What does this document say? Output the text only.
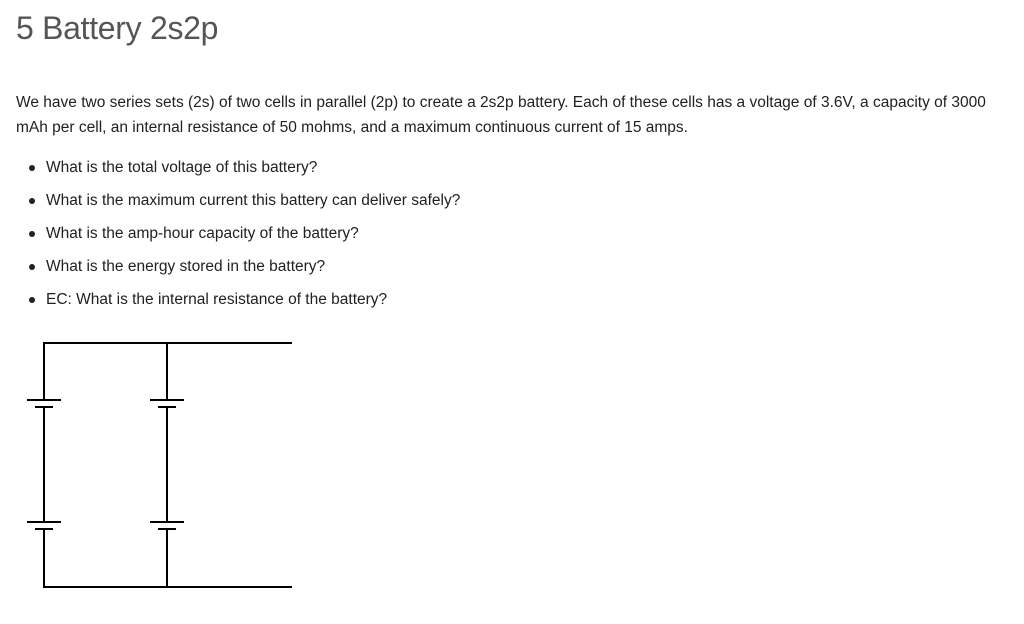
5 Battery 2s2p

We have two series sets (2s) of two cells in parallel (2p) to create a 2s2p battery. Each of these cells has a voltage of 3.6V, a capacity of 3000 mAh per cell, an internal resistance of 50 mohms, and a maximum continuous current of 15 amps.

What is the total voltage of this battery?
What is the maximum current this battery can deliver safely?
What is the amp-hour capacity of the battery?
What is the energy stored in the battery?
EC: What is the internal resistance of the battery?
